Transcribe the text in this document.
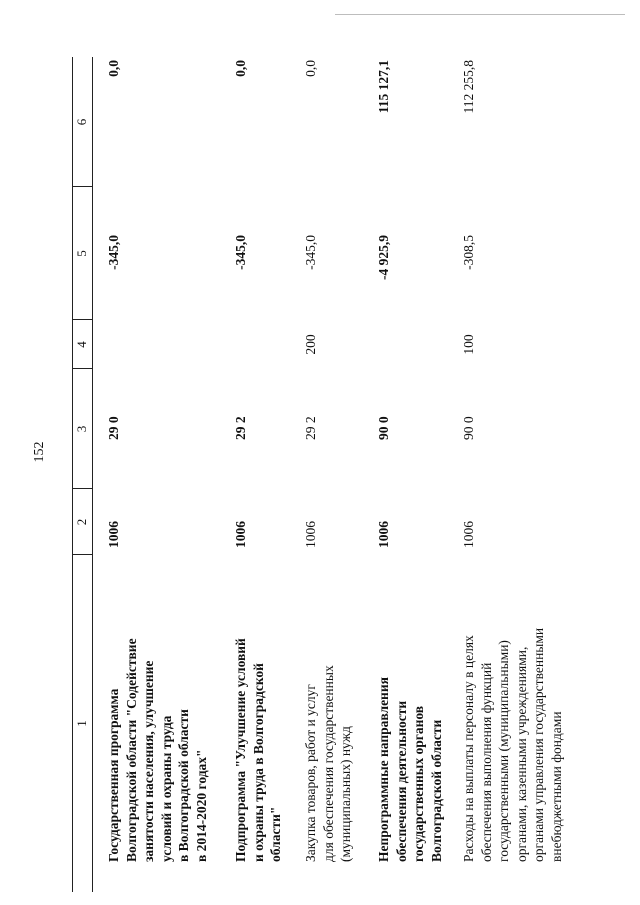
152
1
2
3
4
5
6
Государственная программа
Волгоградской области "Содействие
занятости населения, улучшение
условий и охраны труда
в Волгоградской области
в 2014-2020 годах"
1006
29 0
-345,0
0,0
Подпрограмма "Улучшение условий
и охраны труда в Волгоградской
области"
1006
29 2
-345,0
0,0
Закупка товаров, работ и услуг
для обеспечения государственных
(муниципальных) нужд
1006
29 2
200
-345,0
0,0
Непрограммные направления
обеспечения деятельности
государственных органов
Волгоградской области
1006
90 0
-4 925,9
115 127,1
Расходы на выплаты персоналу в целях
обеспечения выполнения функций
государственными (муниципальными)
органами, казенными учреждениями,
органами управления государственными
внебюджетными фондами
1006
90 0
100
-308,5
112 255,8
